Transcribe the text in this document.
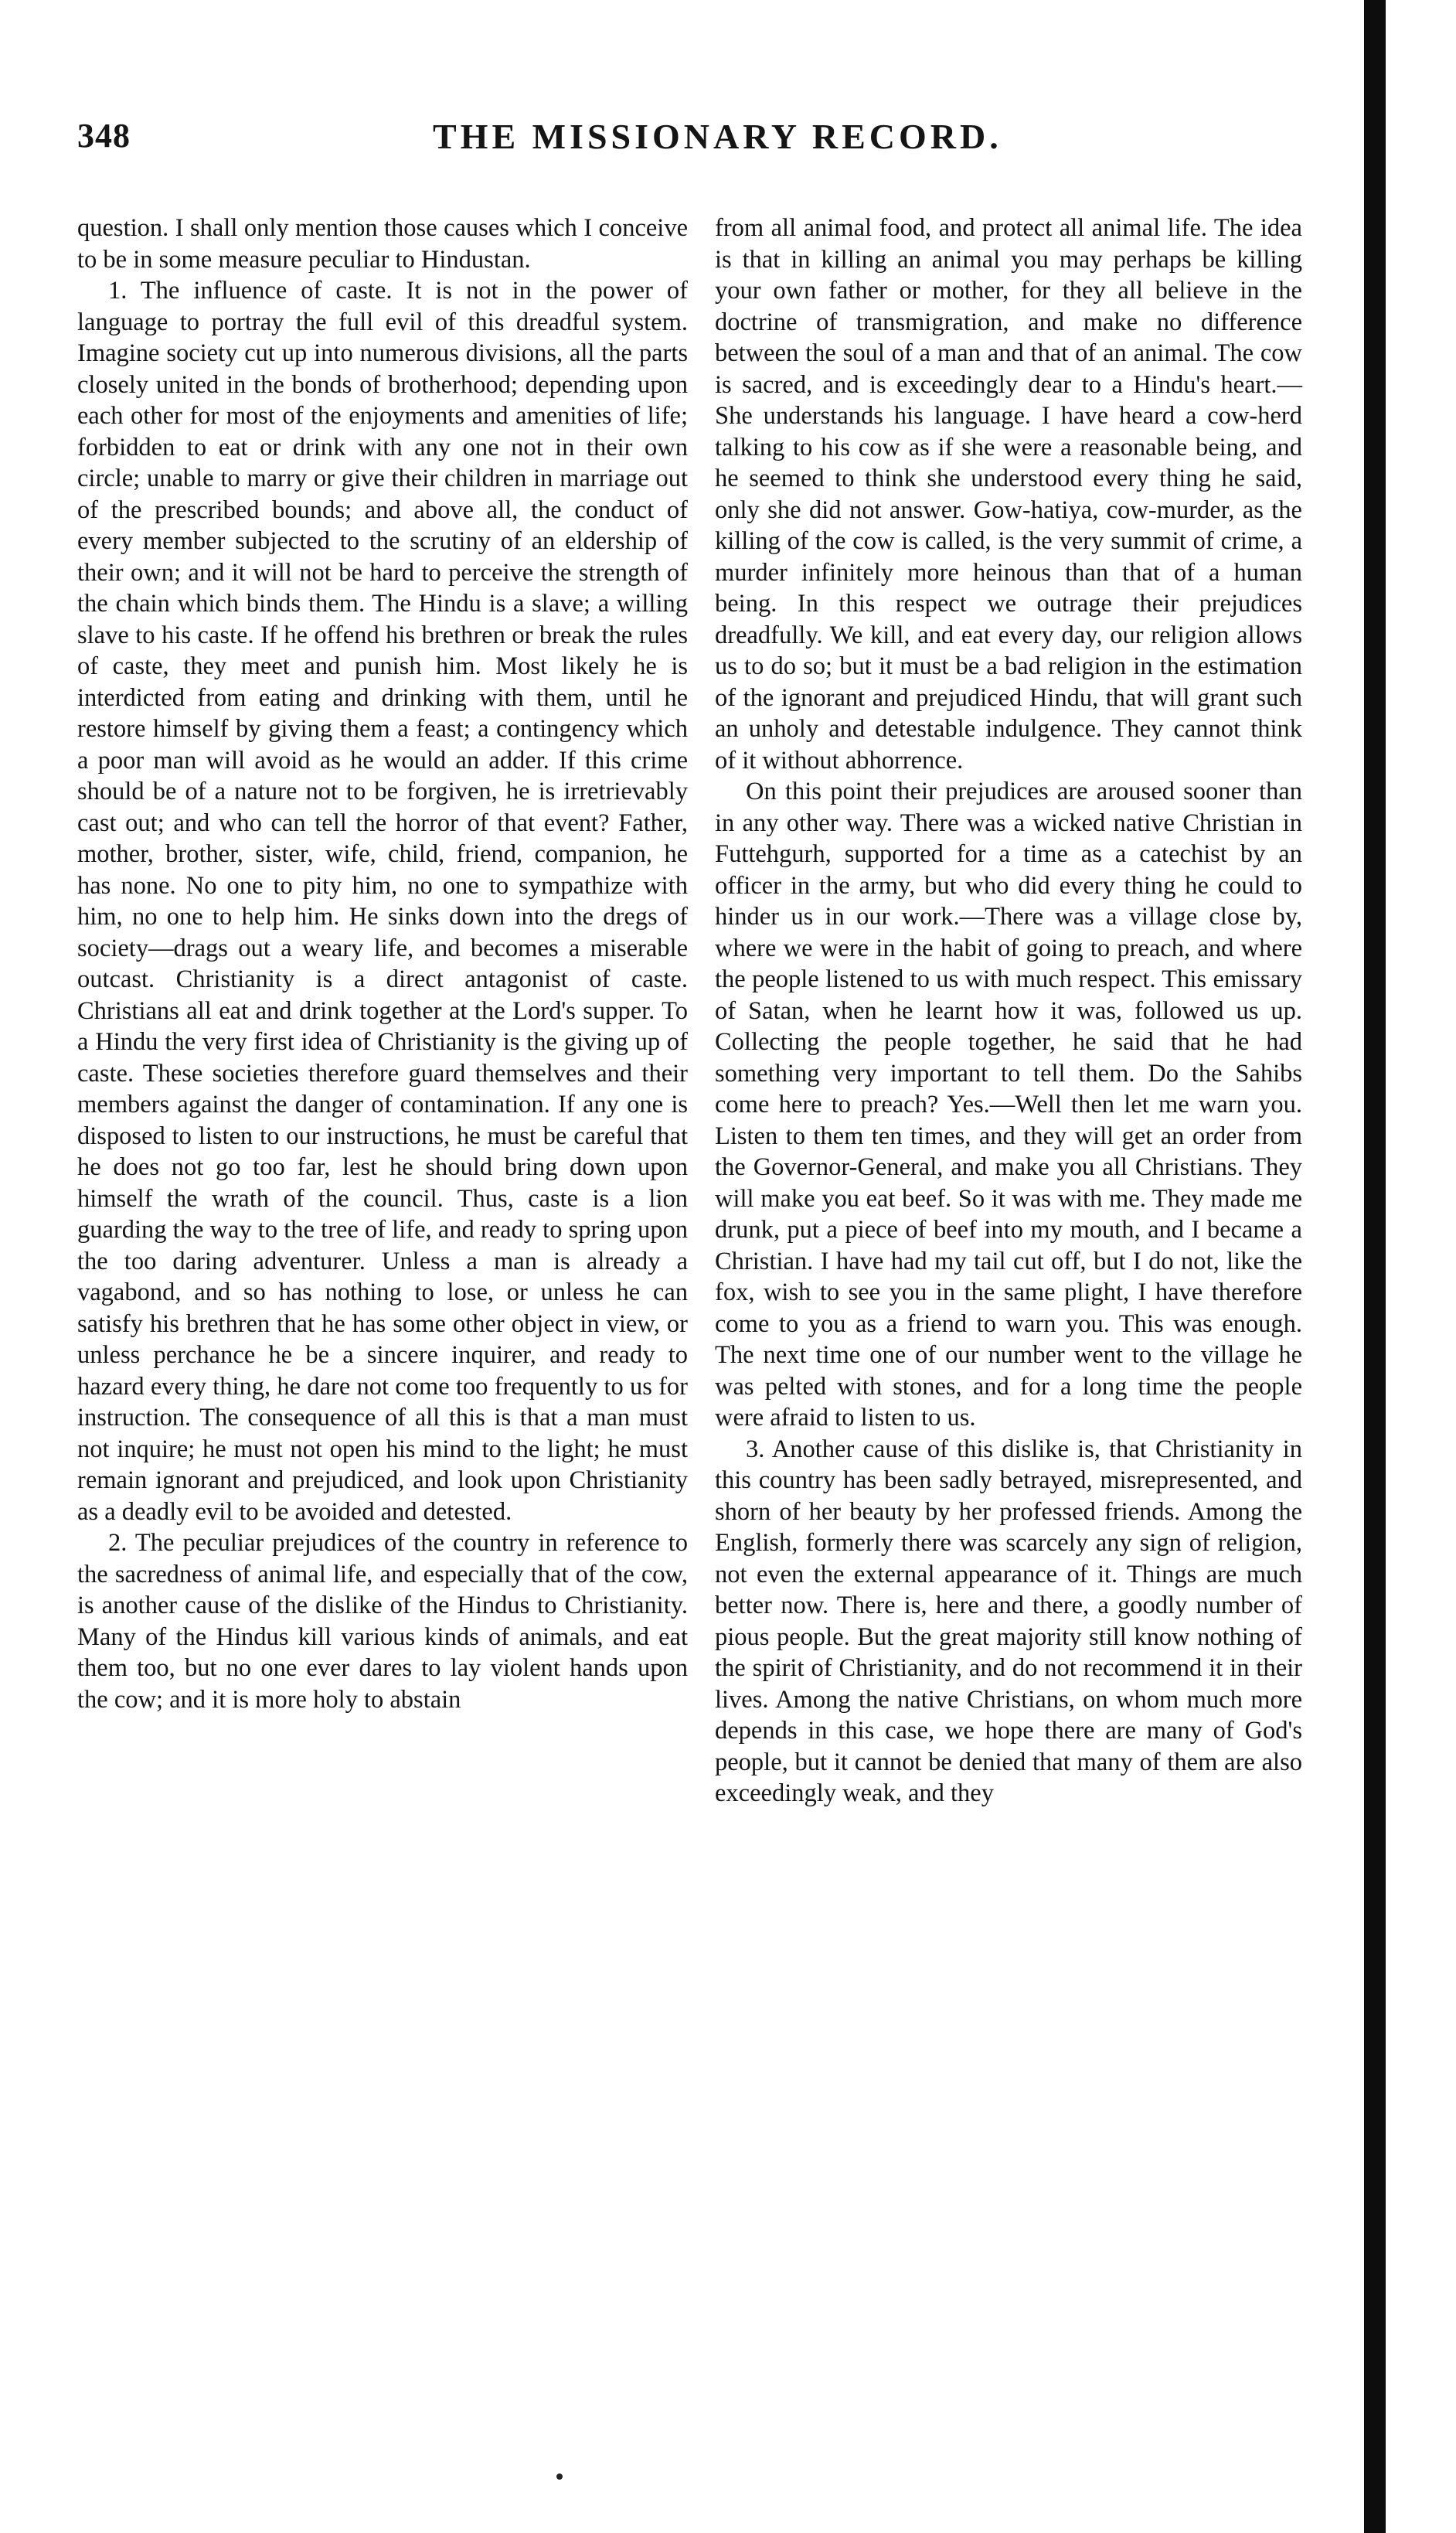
348	THE MISSIONARY RECORD.

question. I shall only mention those causes which I conceive to be in some measure peculiar to Hindustan.

1. The influence of caste. It is not in the power of language to portray the full evil of this dreadful system. Imagine society cut up into numerous divisions, all the parts closely united in the bonds of brotherhood; depending upon each other for most of the enjoyments and amenities of life; forbidden to eat or drink with any one not in their own circle; unable to marry or give their children in marriage out of the prescribed bounds; and above all, the conduct of every member subjected to the scrutiny of an eldership of their own; and it will not be hard to perceive the strength of the chain which binds them. The Hindu is a slave; a willing slave to his caste. If he offend his brethren or break the rules of caste, they meet and punish him. Most likely he is interdicted from eating and drinking with them, until he restore himself by giving them a feast; a contingency which a poor man will avoid as he would an adder. If this crime should be of a nature not to be forgiven, he is irretrievably cast out; and who can tell the horror of that event? Father, mother, brother, sister, wife, child, friend, companion, he has none. No one to pity him, no one to sympathize with him, no one to help him. He sinks down into the dregs of society—drags out a weary life, and becomes a miserable outcast. Christianity is a direct antagonist of caste. Christians all eat and drink together at the Lord's supper. To a Hindu the very first idea of Christianity is the giving up of caste. These societies therefore guard themselves and their members against the danger of contamination. If any one is disposed to listen to our instructions, he must be careful that he does not go too far, lest he should bring down upon himself the wrath of the council. Thus, caste is a lion guarding the way to the tree of life, and ready to spring upon the too daring adventurer. Unless a man is already a vagabond, and so has nothing to lose, or unless he can satisfy his brethren that he has some other object in view, or unless perchance he be a sincere inquirer, and ready to hazard every thing, he dare not come too frequently to us for instruction. The consequence of all this is that a man must not inquire; he must not open his mind to the light; he must remain ignorant and prejudiced, and look upon Christianity as a deadly evil to be avoided and detested.

2. The peculiar prejudices of the country in reference to the sacredness of animal life, and especially that of the cow, is another cause of the dislike of the Hindus to Christianity. Many of the Hindus kill various kinds of animals, and eat them too, but no one ever dares to lay violent hands upon the cow; and it is more holy to abstain

from all animal food, and protect all animal life. The idea is that in killing an animal you may perhaps be killing your own father or mother, for they all believe in the doctrine of transmigration, and make no difference between the soul of a man and that of an animal. The cow is sacred, and is exceedingly dear to a Hindu's heart.—She understands his language. I have heard a cow-herd talking to his cow as if she were a reasonable being, and he seemed to think she understood every thing he said, only she did not answer. Gow-hatiya, cow-murder, as the killing of the cow is called, is the very summit of crime, a murder infinitely more heinous than that of a human being. In this respect we outrage their prejudices dreadfully. We kill, and eat every day, our religion allows us to do so; but it must be a bad religion in the estimation of the ignorant and prejudiced Hindu, that will grant such an unholy and detestable indulgence. They cannot think of it without abhorrence.

On this point their prejudices are aroused sooner than in any other way. There was a wicked native Christian in Futtehgurh, supported for a time as a catechist by an officer in the army, but who did every thing he could to hinder us in our work.—There was a village close by, where we were in the habit of going to preach, and where the people listened to us with much respect. This emissary of Satan, when he learnt how it was, followed us up. Collecting the people together, he said that he had something very important to tell them. Do the Sahibs come here to preach? Yes.—Well then let me warn you. Listen to them ten times, and they will get an order from the Governor-General, and make you all Christians. They will make you eat beef. So it was with me. They made me drunk, put a piece of beef into my mouth, and I became a Christian. I have had my tail cut off, but I do not, like the fox, wish to see you in the same plight, I have therefore come to you as a friend to warn you. This was enough. The next time one of our number went to the village he was pelted with stones, and for a long time the people were afraid to listen to us.

3. Another cause of this dislike is, that Christianity in this country has been sadly betrayed, misrepresented, and shorn of her beauty by her professed friends. Among the English, formerly there was scarcely any sign of religion, not even the external appearance of it. Things are much better now. There is, here and there, a goodly number of pious people. But the great majority still know nothing of the spirit of Christianity, and do not recommend it in their lives. Among the native Christians, on whom much more depends in this case, we hope there are many of God's people, but it cannot be denied that many of them are also exceedingly weak, and they
